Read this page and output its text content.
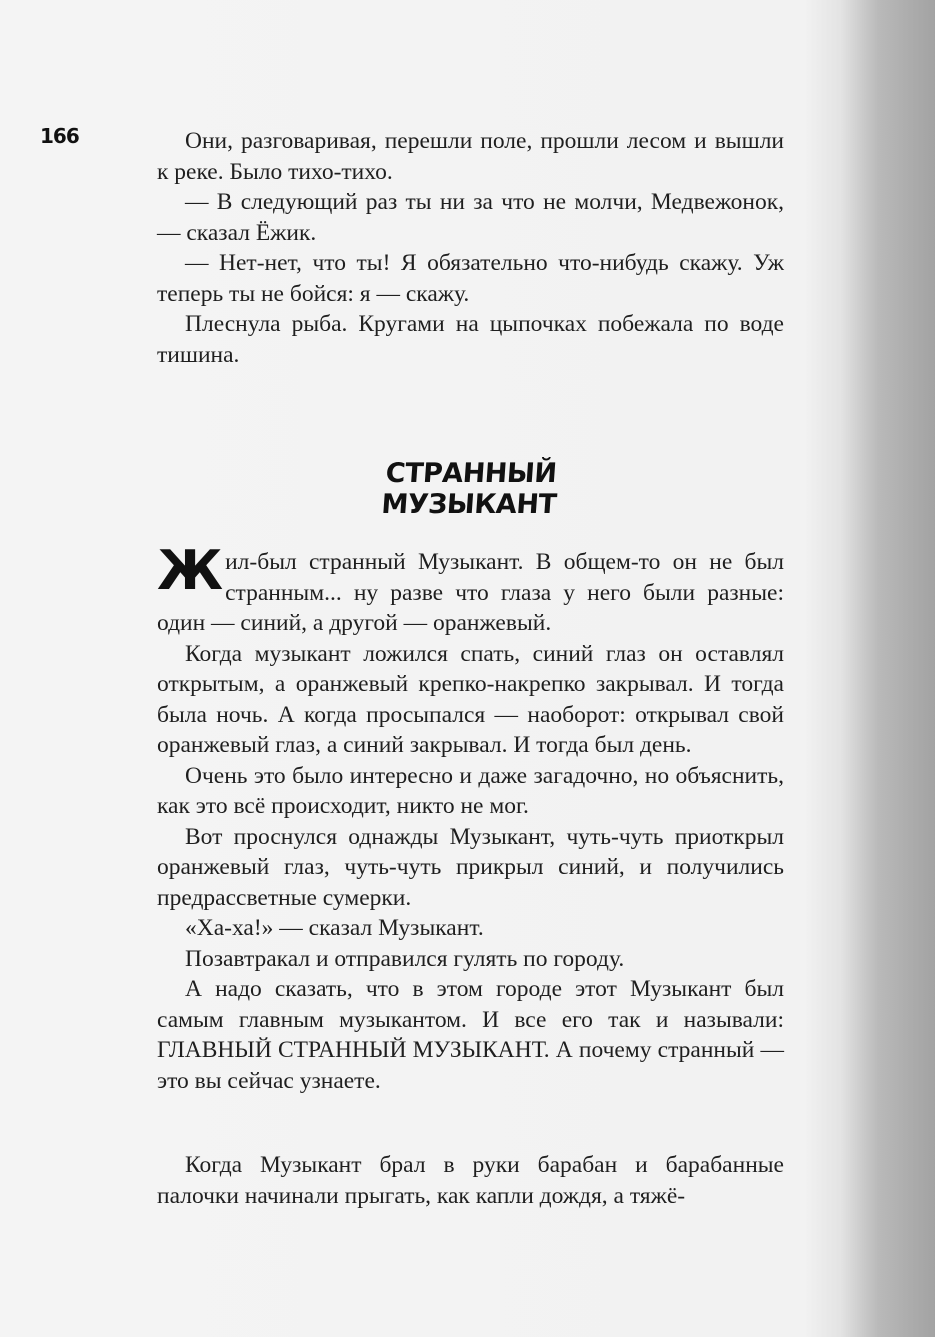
166	Они, разговаривая, перешли поле, прошли лесом и вышли к реке. Было тихо-тихо.

— В следующий раз ты ни за что не молчи, Медвежонок, — сказал Ёжик.

— Нет-нет, что ты! Я обязательно что-нибудь скажу. Уж теперь ты не бойся: я — скажу.

Плеснула рыба. Кругами на цыпочках побежала по воде тишина.

СТРАННЫЙ МУЗЫКАНТ

Жил-был странный Музыкант. В общем-то он не был странным... ну разве что глаза у него были разные: один — синий, а другой — оранжевый.

Когда музыкант ложился спать, синий глаз он оставлял открытым, а оранжевый крепко-накрепко закрывал. И тогда была ночь. А когда просыпался — наоборот: открывал свой оранжевый глаз, а синий закрывал. И тогда был день.

Очень это было интересно и даже загадочно, но объяснить, как это всё происходит, никто не мог.

Вот проснулся однажды Музыкант, чуть-чуть приоткрыл оранжевый глаз, чуть-чуть прикрыл синий, и получились предрассветные сумерки.

«Ха-ха!» — сказал Музыкант.

Позавтракал и отправился гулять по городу.

А надо сказать, что в этом городе этот Музыкант был самым главным музыкантом. И все его так и называли: ГЛАВНЫЙ СТРАННЫЙ МУЗЫКАНТ. А почему странный — это вы сейчас узнаете.

Когда Музыкант брал в руки барабан и барабанные палочки начинали прыгать, как капли дождя, а тяжё-
